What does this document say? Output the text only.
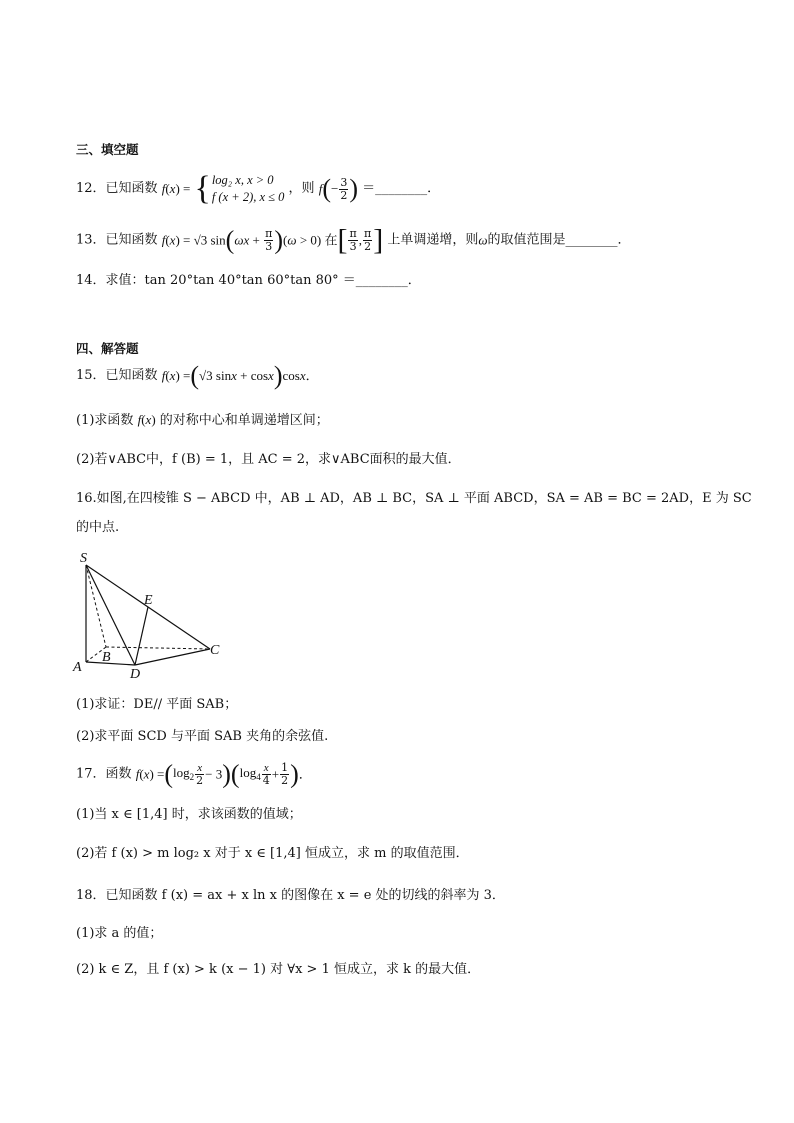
三、填空题
12．已知函数 f(x) = { log₂ x, x > 0
f (x + 2), x ≤ 0
，则 $f(- \frac{3}{2}$ ) ＝________．
13．已知函数 f(x) = √3 $\sin(\omega x + \frac{\pi}{3} )(\omega > 0)$ 在[ $\frac{\pi}{3}$ , $\frac{\pi}{2}$ ] 上单调递增，则ω的取值范围是________．
14．求值：tan 20°tan 40°tan 60°tan 80° ＝________．
四、解答题
15．已知函数 f(x) =(√3 sinx + cosx)cosx．
(1)求函数 f(x) 的对称中心和单调递增区间；
(2)若∨ABC中，f (B) = 1，且 AC = 2，求∨ABC面积的最大值．
16.如图,在四棱锥 S − ABCD 中，AB ⊥ AD，AB ⊥ BC，SA ⊥ 平面 ABCD，SA = AB = BC = 2AD，E 为 SC
的中点.
S
E
C
A
B
D
(1)求证：DE// 平面 SAB；
(2)求平面 SCD 与平面 SAB 夹角的余弦值.
17．函数 $f(x) =(\log_2 \frac{x}{2} - 3)(\log_4 \frac{x}{4} + \frac{1}{2}$ )．
(1)当 x ∈ [1,4] 时，求该函数的值域；
(2)若 f (x) > m log₂ x 对于 x ∈ [1,4] 恒成立，求 m 的取值范围．
18．已知函数 f (x) = ax + x ln x 的图像在 x = e 处的切线的斜率为 3．
(1)求 a 的值；
(2) k ∈ Z，且 f (x) > k (x − 1) 对 ∀x > 1 恒成立，求 k 的最大值．
